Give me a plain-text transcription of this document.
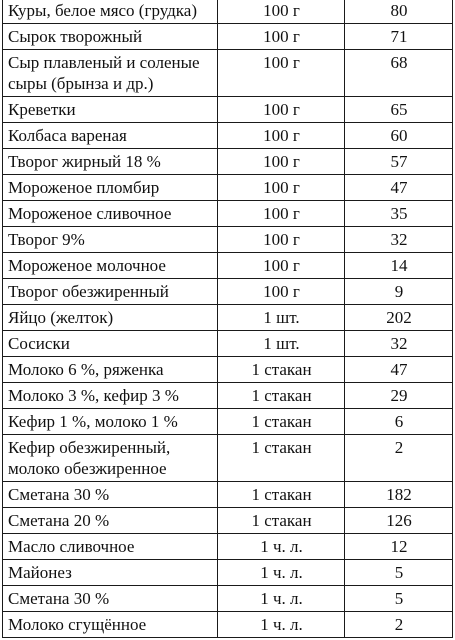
Куры, белое мясо (грудка)	100 г	80
Сырок творожный	100 г	71
Сыр плавленый и соленые сыры (брынза и др.)	100 г	68
Креветки	100 г	65
Колбаса вареная	100 г	60
Творог жирный 18 %	100 г	57
Мороженое пломбир	100 г	47
Мороженое сливочное	100 г	35
Творог 9%	100 г	32
Мороженое молочное	100 г	14
Творог обезжиренный	100 г	9
Яйцо (желток)	1 шт.	202
Сосиски	1 шт.	32
Молоко 6 %, ряженка	1 стакан	47
Молоко 3 %, кефир 3 %	1 стакан	29
Кефир 1 %, молоко 1 %	1 стакан	6
Кефир обезжиренный, молоко обезжиренное	1 стакан	2
Сметана 30 %	1 стакан	182
Сметана 20 %	1 стакан	126
Масло сливочное	1 ч. л.	12
Майонез	1 ч. л.	5
Сметана 30 %	1 ч. л.	5
Молоко сгущённое	1 ч. л.	2
